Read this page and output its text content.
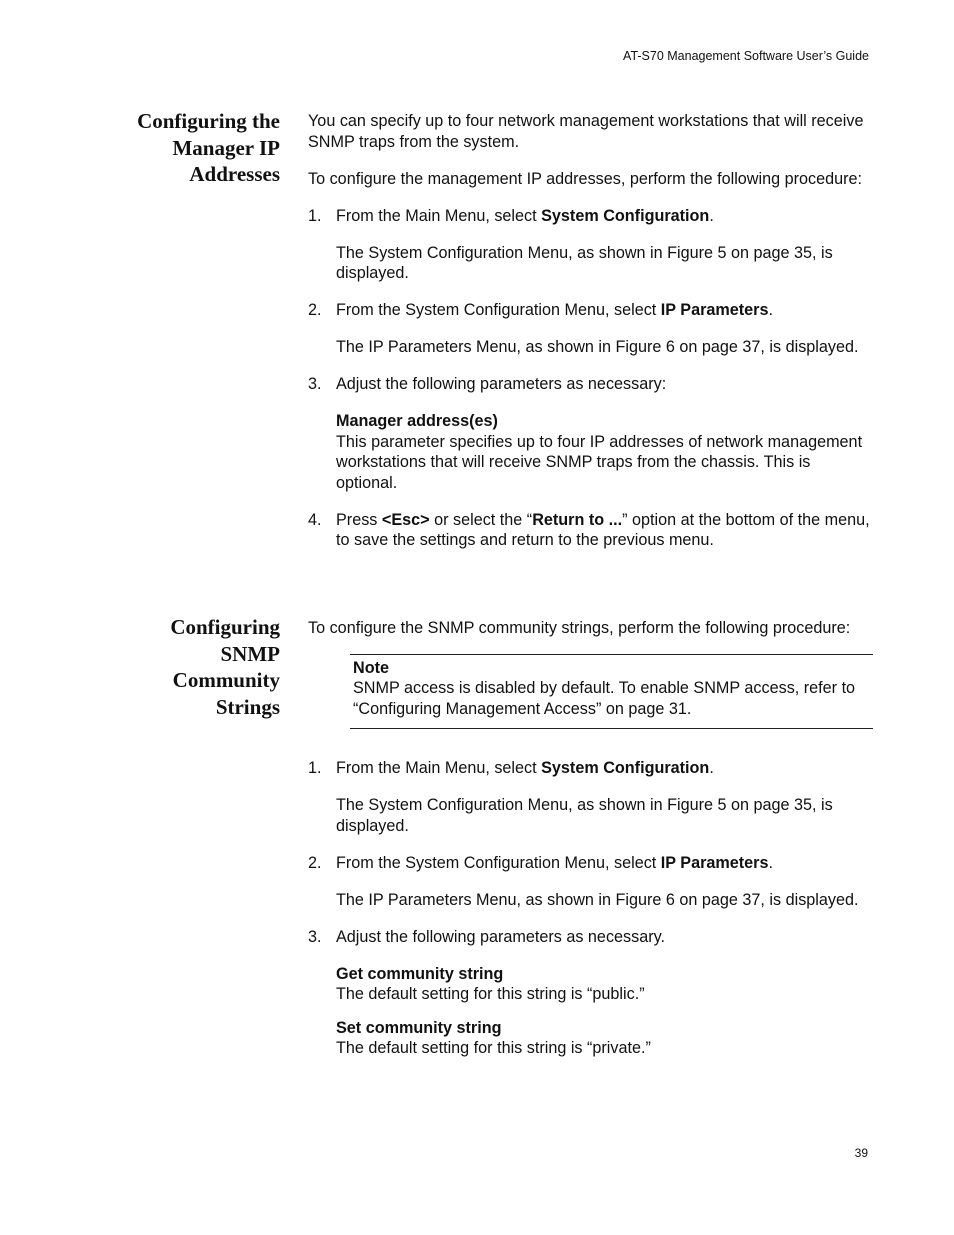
AT-S70 Management Software User’s Guide
Configuring the
Manager IP
Addresses

You can specify up to four network management workstations that will receive SNMP traps from the system.

To configure the management IP addresses, perform the following procedure:

1. From the Main Menu, select System Configuration.

The System Configuration Menu, as shown in Figure 5 on page 35, is displayed.

2. From the System Configuration Menu, select IP Parameters.

The IP Parameters Menu, as shown in Figure 6 on page 37, is displayed.

3. Adjust the following parameters as necessary:
Manager address(es)
This parameter specifies up to four IP addresses of network management workstations that will receive SNMP traps from the chassis. This is optional.
4. Press <Esc> or select the “Return to ...” option at the bottom of the menu, to save the settings and return to the previous menu.
Configuring
SNMP
Community
Strings

To configure the SNMP community strings, perform the following procedure:

Note
SNMP access is disabled by default. To enable SNMP access, refer to “Configuring Management Access” on page 31.
1. From the Main Menu, select System Configuration.

The System Configuration Menu, as shown in Figure 5 on page 35, is displayed.

2. From the System Configuration Menu, select IP Parameters.

The IP Parameters Menu, as shown in Figure 6 on page 37, is displayed.

3. Adjust the following parameters as necessary.
Get community string
The default setting for this string is “public.”
Set community string
The default setting for this string is “private.”
39
